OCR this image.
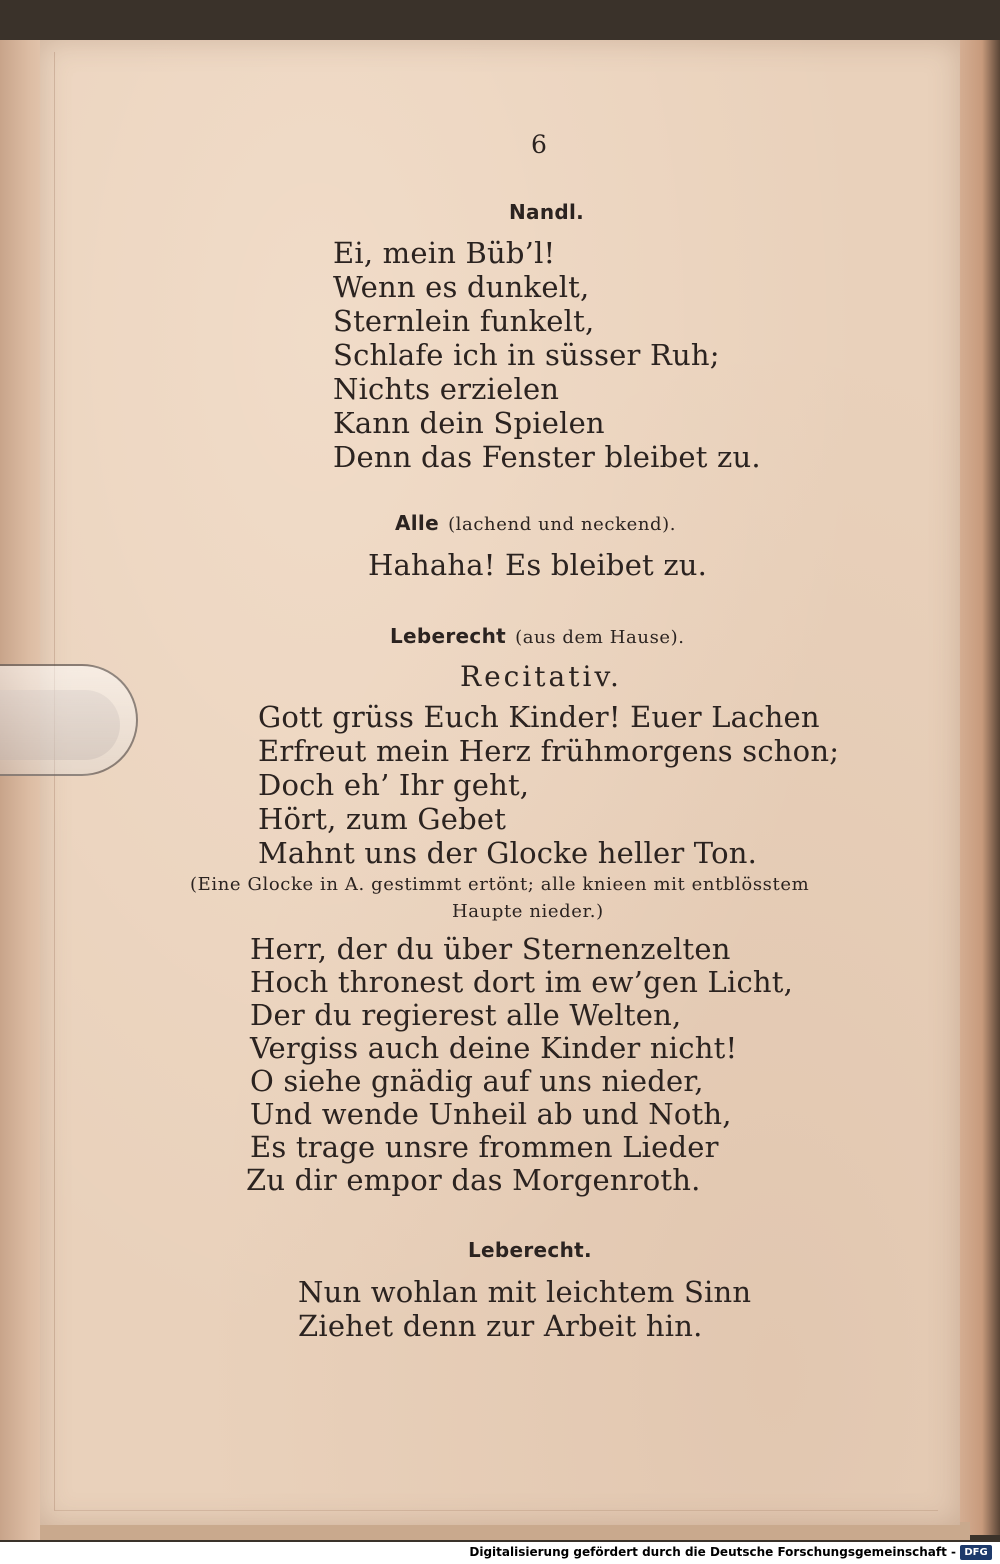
6
Nandl.
Ei, mein Büb’l!
Wenn es dunkelt,
Sternlein funkelt,
Schlafe ich in süsser Ruh;
Nichts erzielen
Kann dein Spielen
Denn das Fenster bleibet zu.
Alle (lachend und neckend).
Hahaha! Es bleibet zu.
Leberecht (aus dem Hause).
Recitativ.
Gott grüss Euch Kinder! Euer Lachen
Erfreut mein Herz frühmorgens schon;
Doch eh’ Ihr geht,
Hört, zum Gebet
Mahnt uns der Glocke heller Ton.
(Eine Glocke in A. gestimmt ertönt; alle knieen mit entblösstem
Haupte nieder.)
Herr, der du über Sternenzelten
Hoch thronest dort im ew’gen Licht,
Der du regierest alle Welten,
Vergiss auch deine Kinder nicht!
O siehe gnädig auf uns nieder,
Und wende Unheil ab und Noth,
Es trage unsre frommen Lieder
Zu dir empor das Morgenroth.
Leberecht.
Nun wohlan mit leichtem Sinn
Ziehet denn zur Arbeit hin.
Digitalisierung gefördert durch die Deutsche Forschungsgemeinschaft - DFG
